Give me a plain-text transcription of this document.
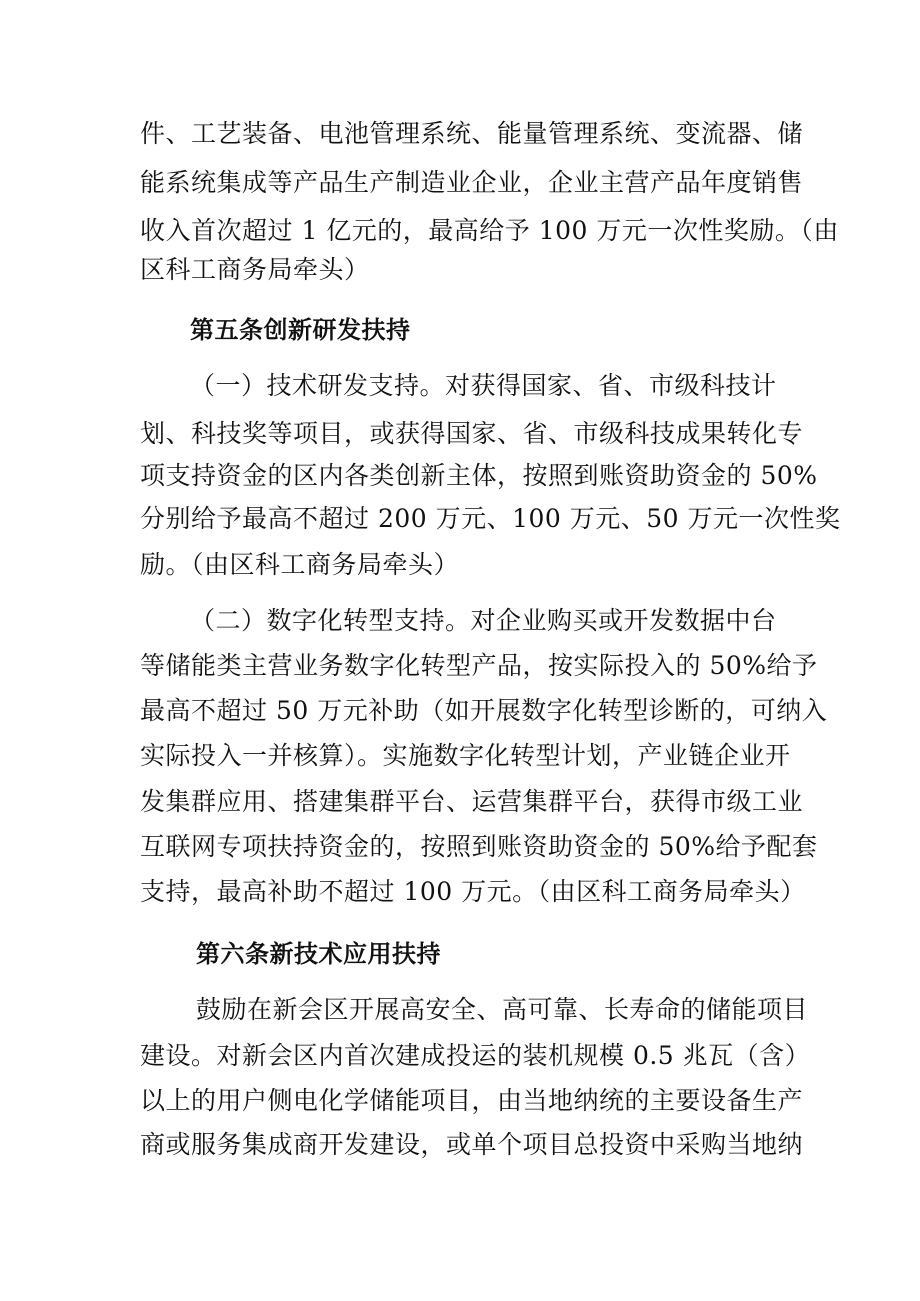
件、工艺装备、电池管理系统、能量管理系统、变流器、储
能系统集成等产品生产制造业企业，企业主营产品年度销售
收入首次超过 1 亿元的，最高给予 100 万元一次性奖励。（由
区科工商务局牵头）
第五条创新研发扶持
（一）技术研发支持。对获得国家、省、市级科技计
划、科技奖等项目，或获得国家、省、市级科技成果转化专
项支持资金的区内各类创新主体，按照到账资助资金的 50%
分别给予最高不超过 200 万元、100 万元、50 万元一次性奖
励。（由区科工商务局牵头）
（二）数字化转型支持。对企业购买或开发数据中台
等储能类主营业务数字化转型产品，按实际投入的 50%给予
最高不超过 50 万元补助（如开展数字化转型诊断的，可纳入
实际投入一并核算）。实施数字化转型计划，产业链企业开
发集群应用、搭建集群平台、运营集群平台，获得市级工业
互联网专项扶持资金的，按照到账资助资金的 50%给予配套
支持，最高补助不超过 100 万元。（由区科工商务局牵头）
第六条新技术应用扶持
鼓励在新会区开展高安全、高可靠、长寿命的储能项目
建设。对新会区内首次建成投运的装机规模 0.5 兆瓦（含）
以上的用户侧电化学储能项目，由当地纳统的主要设备生产
商或服务集成商开发建设，或单个项目总投资中采购当地纳
